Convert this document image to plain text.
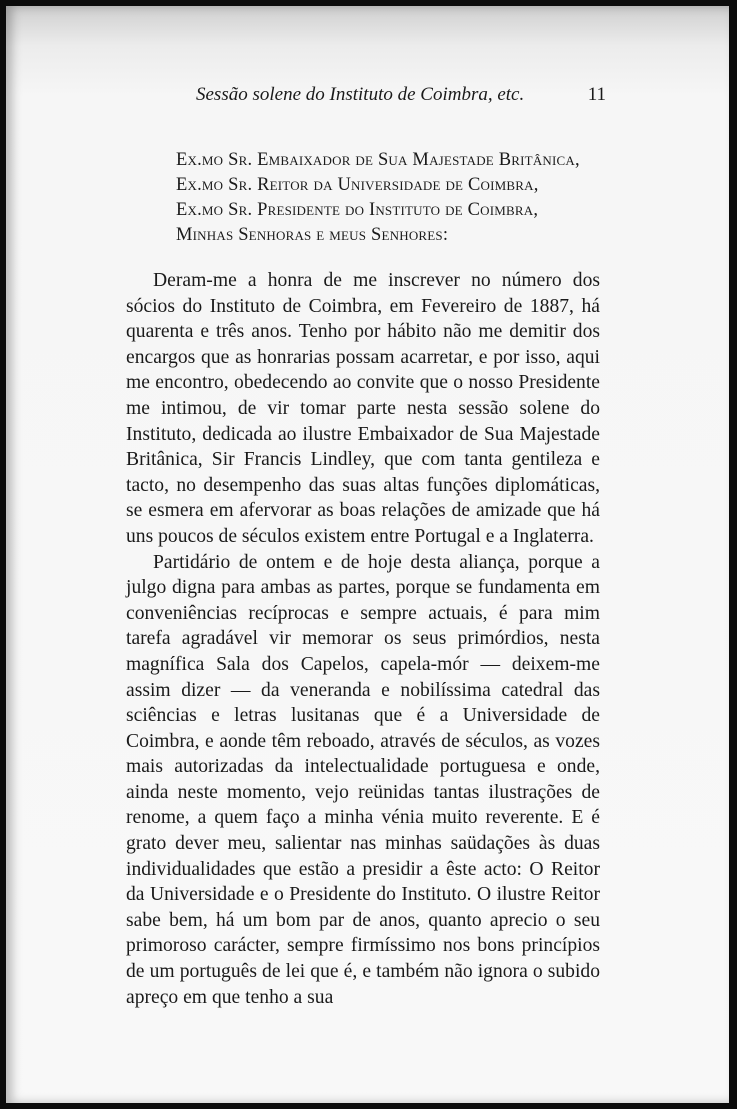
Sessão solene do Instituto de Coimbra, etc.	11
Ex.mo Sr. Embaixador de Sua Majestade Britânica,
Ex.mo Sr. Reitor da Universidade de Coimbra,
Ex.mo Sr. Presidente do Instituto de Coimbra,
Minhas Senhoras e meus Senhores:

Deram-me a honra de me inscrever no número dos sócios do Instituto de Coimbra, em Fevereiro de 1887, há quarenta e três anos. Tenho por hábito não me demitir dos encargos que as honrarias possam acarretar, e por isso, aqui me encontro, obedecendo ao convite que o nosso Presidente me intimou, de vir tomar parte nesta sessão solene do Instituto, dedicada ao ilustre Embaixador de Sua Majestade Britânica, Sir Francis Lindley, que com tanta gentileza e tacto, no desempenho das suas altas funções diplomáticas, se esmera em afervorar as boas relações de amizade que há uns poucos de séculos existem entre Portugal e a Inglaterra.

Partidário de ontem e de hoje desta aliança, porque a julgo digna para ambas as partes, porque se fundamenta em conveniências recíprocas e sempre actuais, é para mim tarefa agradável vir memorar os seus primórdios, nesta magnífica Sala dos Capelos, capela-mór — deixem-me assim dizer — da veneranda e nobilíssima catedral das sciências e letras lusitanas que é a Universidade de Coimbra, e aonde têm reboado, através de séculos, as vozes mais autorizadas da intelectualidade portuguesa e onde, ainda neste momento, vejo reünidas tantas ilustrações de renome, a quem faço a minha vénia muito reverente. E é grato dever meu, salientar nas minhas saüdações às duas individualidades que estão a presidir a êste acto: O Reitor da Universidade e o Presidente do Instituto. O ilustre Reitor sabe bem, há um bom par de anos, quanto aprecio o seu primoroso carácter, sempre firmíssimo nos bons princípios de um português de lei que é, e também não ignora o subido apreço em que tenho a sua
